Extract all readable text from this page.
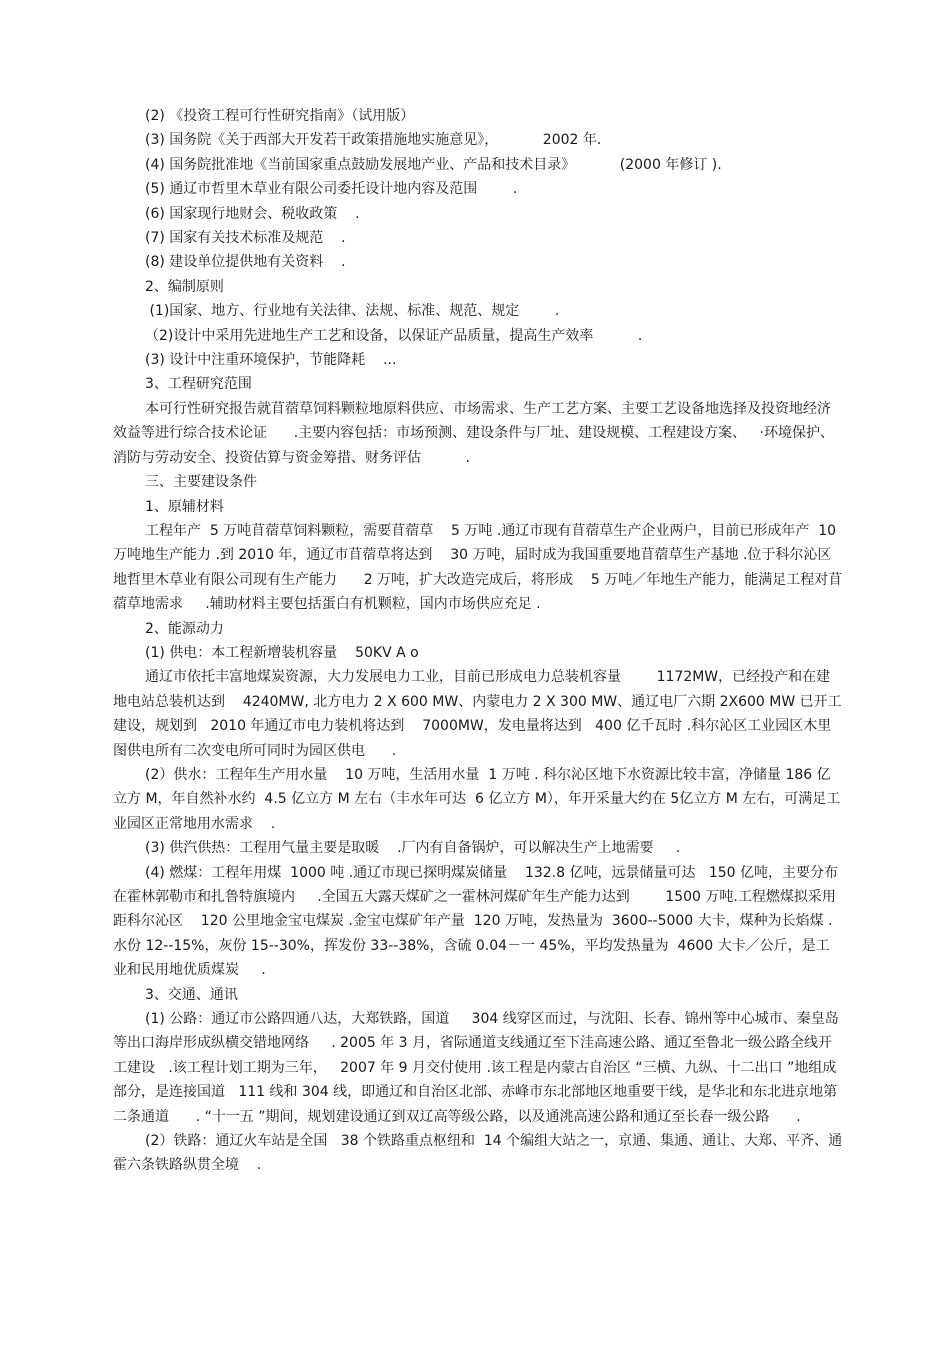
(2) 《投资工程可行性研究指南》（试用版）

(3) 国务院《关于西部大开发若干政策措施地实施意见》，          2002 年.

(4) 国务院批准地《当前国家重点鼓励发展地产业、产品和技术目录》          (2000 年修订 ).

(5) 通辽市哲里木草业有限公司委托设计地内容及范围        .

(6) 国家现行地财会、税收政策    .

(7) 国家有关技术标准及规范    .

(8) 建设单位提供地有关资料    .

2、编制原则

(1)国家、地方、行业地有关法律、法规、标准、规范、规定        .

（2)设计中采用先进地生产工艺和设备，以保证产品质量，提高生产效率          .

(3) 设计中注重环境保护，节能降耗    ...

3、工程研究范围

本可行性研究报告就苜蓿草饲料颗粒地原料供应、市场需求、生产工艺方案、主要工艺设备地选择及投资地经济效益等进行综合技术论证      .主要内容包括：市场预测、建设条件与厂址、建设规模、工程建设方案、   ·环境保护、消防与劳动安全、投资估算与资金筹措、财务评估          .

三、主要建设条件

1、原辅材料

工程年产  5 万吨苜蓿草饲料颗粒，需要苜蓿草    5 万吨 .通辽市现有苜蓿草生产企业两户，目前已形成年产  10 万吨地生产能力 .到 2010 年，通辽市苜蓿草将达到    30 万吨，届时成为我国重要地苜蓿草生产基地 .位于科尔沁区地哲里木草业有限公司现有生产能力      2 万吨，扩大改造完成后，将形成    5 万吨／年地生产能力，能满足工程对苜蓿草地需求     .辅助材料主要包括蛋白有机颗粒，国内市场供应充足 .

2、能源动力

(1) 供电：本工程新增装机容量    50KV A o

通辽市依托丰富地煤炭资源，大力发展电力工业，目前已形成电力总装机容量        1172MW，已经投产和在建地电站总装机达到    4240MW, 北方电力 2 X 600 MW、内蒙电力 2 X 300 MW、通辽电厂六期 2X600 MW 已开工建设，规划到   2010 年通辽市电力装机将达到    7000MW，发电量将达到   400 亿千瓦时 .科尔沁区工业园区木里图供电所有二次变电所可同时为园区供电      .

(2）供水：工程年生产用水量    10 万吨，生活用水量  1 万吨 . 科尔沁区地下水资源比较丰富，净储量 186 亿立方 M，年自然补水约  4.5 亿立方 M 左右（丰水年可达  6 亿立方 M），年开采量大约在 5亿立方 M 左右，可满足工业园区正常地用水需求    .

(3) 供汽供热：工程用气量主要是取暖    .厂内有自备锅炉，可以解决生产上地需要     .

(4) 燃煤：工程年用煤  1000 吨 .通辽市现已探明煤炭储量    132.8 亿吨，远景储量可达   150 亿吨，主要分布在霍林郭勒市和扎鲁特旗境内     .全国五大露天煤矿之一霍林河煤矿年生产能力达到        1500 万吨.工程燃煤拟采用距科尔沁区    120 公里地金宝屯煤炭 .金宝屯煤矿年产量  120 万吨，发热量为  3600--5000 大卡，煤种为长焰煤 .水份 12--15%，灰份 15--30%，挥发份 33--38%，含硫 0.04－一 45%，平均发热量为  4600 大卡／公斤，是工业和民用地优质煤炭     .

3、交通、通讯

(1) 公路：通辽市公路四通八达，大郑铁路，国道     304 线穿区而过，与沈阳、长春、锦州等中心城市、秦皇岛等出口海岸形成纵横交错地网络     . 2005 年 3 月，省际通道支线通辽至下洼高速公路、通辽至鲁北一级公路全线开工建设   .该工程计划工期为三年，   2007 年 9 月交付使用 .该工程是内蒙古自治区 “三横、九纵、十二出口 ”地组成部分，是连接国道   111 线和 304 线，即通辽和自治区北部、赤峰市东北部地区地重要干线，是华北和东北进京地第二条通道      . “十一五 ”期间，规划建设通辽到双辽高等级公路，以及通洮高速公路和通辽至长春一级公路      .

(2）铁路：通辽火车站是全国   38 个铁路重点枢纽和  14 个编组大站之一，京通、集通、通让、大郑、平齐、通霍六条铁路纵贯全境    .
